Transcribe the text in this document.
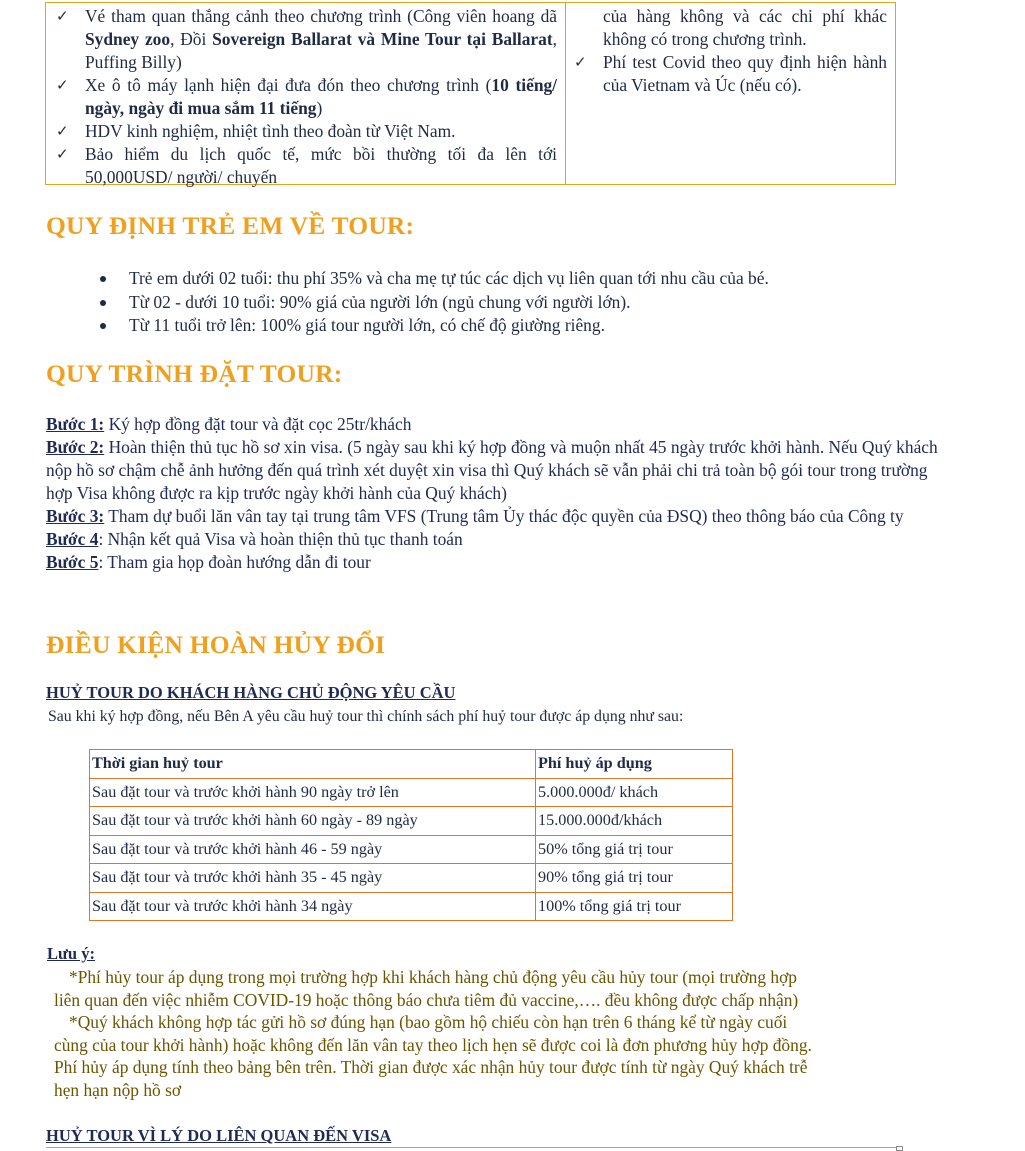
✓ Vé tham quan thắng cảnh theo chương trình (Công viên hoang dã Sydney zoo, Đồi Sovereign Ballarat và Mine Tour tại Ballarat, Puffing Billy)
✓ Xe ô tô máy lạnh hiện đại đưa đón theo chương trình (10 tiếng/ ngày, ngày đi mua sắm 11 tiếng)
✓ HDV kinh nghiệm, nhiệt tình theo đoàn từ Việt Nam.
✓ Bảo hiểm du lịch quốc tế, mức bồi thường tối đa lên tới 50,000USD/ người/ chuyến
của hàng không và các chi phí khác không có trong chương trình.
✓ Phí test Covid theo quy định hiện hành của Vietnam và Úc (nếu có).
QUY ĐỊNH TRẺ EM VỀ TOUR:
Trẻ em dưới 02 tuổi: thu phí 35% và cha mẹ tự túc các dịch vụ liên quan tới nhu cầu của bé.
Từ 02 - dưới 10 tuổi: 90% giá của người lớn (ngủ chung với người lớn).
Từ 11 tuổi trở lên: 100% giá tour người lớn, có chế độ giường riêng.
QUY TRÌNH ĐẶT TOUR:

Bước 1: Ký hợp đồng đặt tour và đặt cọc 25tr/khách

Bước 2: Hoàn thiện thủ tục hồ sơ xin visa. (5 ngày sau khi ký hợp đồng và muộn nhất 45 ngày trước khởi hành. Nếu Quý khách nộp hồ sơ chậm chễ ảnh hưởng đến quá trình xét duyệt xin visa thì Quý khách sẽ vẫn phải chi trả toàn bộ gói tour trong trường hợp Visa không được ra kịp trước ngày khởi hành của Quý khách)

Bước 3: Tham dự buổi lăn vân tay tại trung tâm VFS (Trung tâm Ủy thác độc quyền của ĐSQ) theo thông báo của Công ty

Bước 4: Nhận kết quả Visa và hoàn thiện thủ tục thanh toán

Bước 5: Tham gia họp đoàn hướng dẫn đi tour

ĐIỀU KIỆN HOÀN HỦY ĐỔI
HUỶ TOUR DO KHÁCH HÀNG CHỦ ĐỘNG YÊU CẦU

Sau khi ký hợp đồng, nếu Bên A yêu cầu huỷ tour thì chính sách phí huỷ tour được áp dụng như sau:

Thời gian huỷ tour	Phí huỷ áp dụng
Sau đặt tour và trước khởi hành 90 ngày trở lên	5.000.000đ/ khách
Sau đặt tour và trước khởi hành 60 ngày - 89 ngày	15.000.000đ/khách
Sau đặt tour và trước khởi hành 46 - 59 ngày	50% tổng giá trị tour
Sau đặt tour và trước khởi hành 35 - 45 ngày	90% tổng giá trị tour
Sau đặt tour và trước khởi hành 34 ngày	100% tổng giá trị tour

Lưu ý:

*Phí hủy tour áp dụng trong mọi trường hợp khi khách hàng chủ động yêu cầu hủy tour (mọi trường hợp

liên quan đến việc nhiễm COVID-19 hoặc thông báo chưa tiêm đủ vaccine,…. đều không được chấp nhận)

*Quý khách không hợp tác gửi hồ sơ đúng hạn (bao gồm hộ chiếu còn hạn trên 6 tháng kể từ ngày cuối

cùng của tour khởi hành) hoặc không đến lăn vân tay theo lịch hẹn sẽ được coi là đơn phương hủy hợp đồng.

Phí hủy áp dụng tính theo bảng bên trên. Thời gian được xác nhận hủy tour được tính từ ngày Quý khách trễ

hẹn hạn nộp hồ sơ

HUỶ TOUR VÌ LÝ DO LIÊN QUAN ĐẾN VISA
